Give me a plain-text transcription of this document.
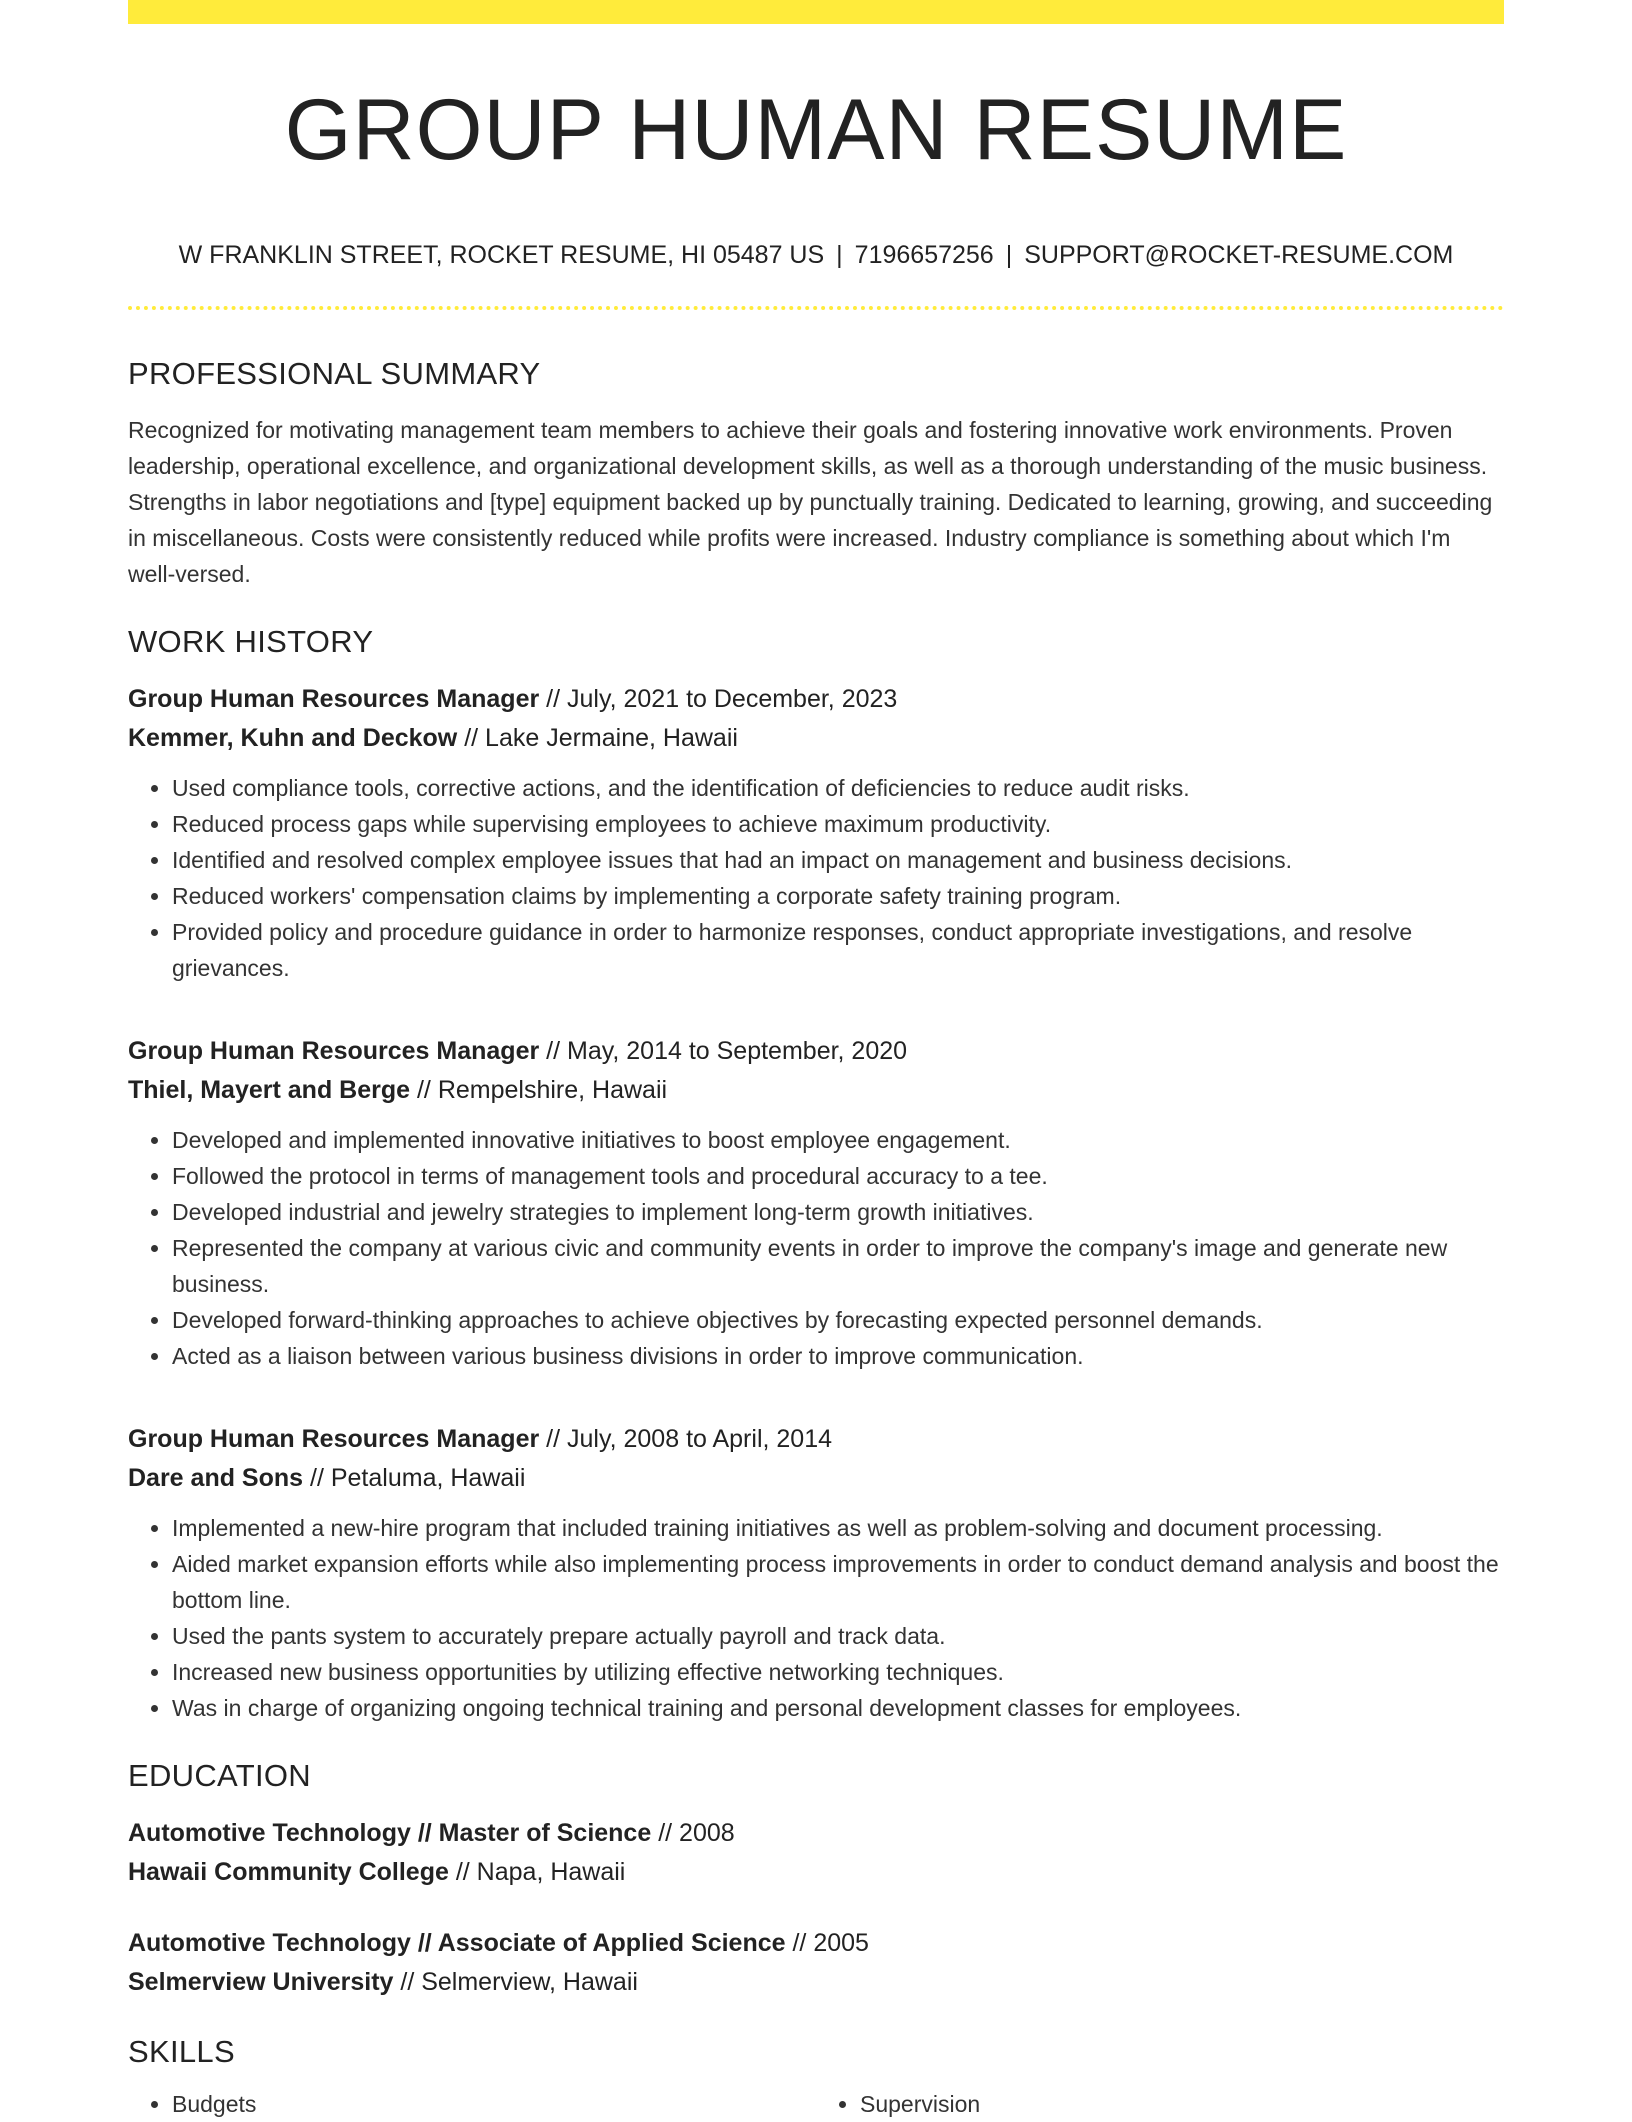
GROUP HUMAN RESUME
W FRANKLIN STREET, ROCKET RESUME, HI 05487 US | 7196657256 | SUPPORT@ROCKET-RESUME.COM
PROFESSIONAL SUMMARY

Recognized for motivating management team members to achieve their goals and fostering innovative work environments. Proven leadership, operational excellence, and organizational development skills, as well as a thorough understanding of the music business. Strengths in labor negotiations and [type] equipment backed up by punctually training. Dedicated to learning, growing, and succeeding in miscellaneous. Costs were consistently reduced while profits were increased. Industry compliance is something about which I'm well-versed.

WORK HISTORY
Group Human Resources Manager // July, 2021 to December, 2023
Kemmer, Kuhn and Deckow // Lake Jermaine, Hawaii
• Used compliance tools, corrective actions, and the identification of deficiencies to reduce audit risks.
• Reduced process gaps while supervising employees to achieve maximum productivity.
• Identified and resolved complex employee issues that had an impact on management and business decisions.
• Reduced workers' compensation claims by implementing a corporate safety training program.
• Provided policy and procedure guidance in order to harmonize responses, conduct appropriate investigations, and resolve grievances.
Group Human Resources Manager // May, 2014 to September, 2020
Thiel, Mayert and Berge // Rempelshire, Hawaii
• Developed and implemented innovative initiatives to boost employee engagement.
• Followed the protocol in terms of management tools and procedural accuracy to a tee.
• Developed industrial and jewelry strategies to implement long-term growth initiatives.
• Represented the company at various civic and community events in order to improve the company's image and generate new business.
• Developed forward-thinking approaches to achieve objectives by forecasting expected personnel demands.
• Acted as a liaison between various business divisions in order to improve communication.
Group Human Resources Manager // July, 2008 to April, 2014
Dare and Sons // Petaluma, Hawaii
• Implemented a new-hire program that included training initiatives as well as problem-solving and document processing.
• Aided market expansion efforts while also implementing process improvements in order to conduct demand analysis and boost the bottom line.
• Used the pants system to accurately prepare actually payroll and track data.
• Increased new business opportunities by utilizing effective networking techniques.
• Was in charge of organizing ongoing technical training and personal development classes for employees.
EDUCATION
Automotive Technology // Master of Science // 2008
Hawaii Community College // Napa, Hawaii
Automotive Technology // Associate of Applied Science // 2005
Selmerview University // Selmerview, Hawaii
SKILLS
• Budgets
•	Supervision
